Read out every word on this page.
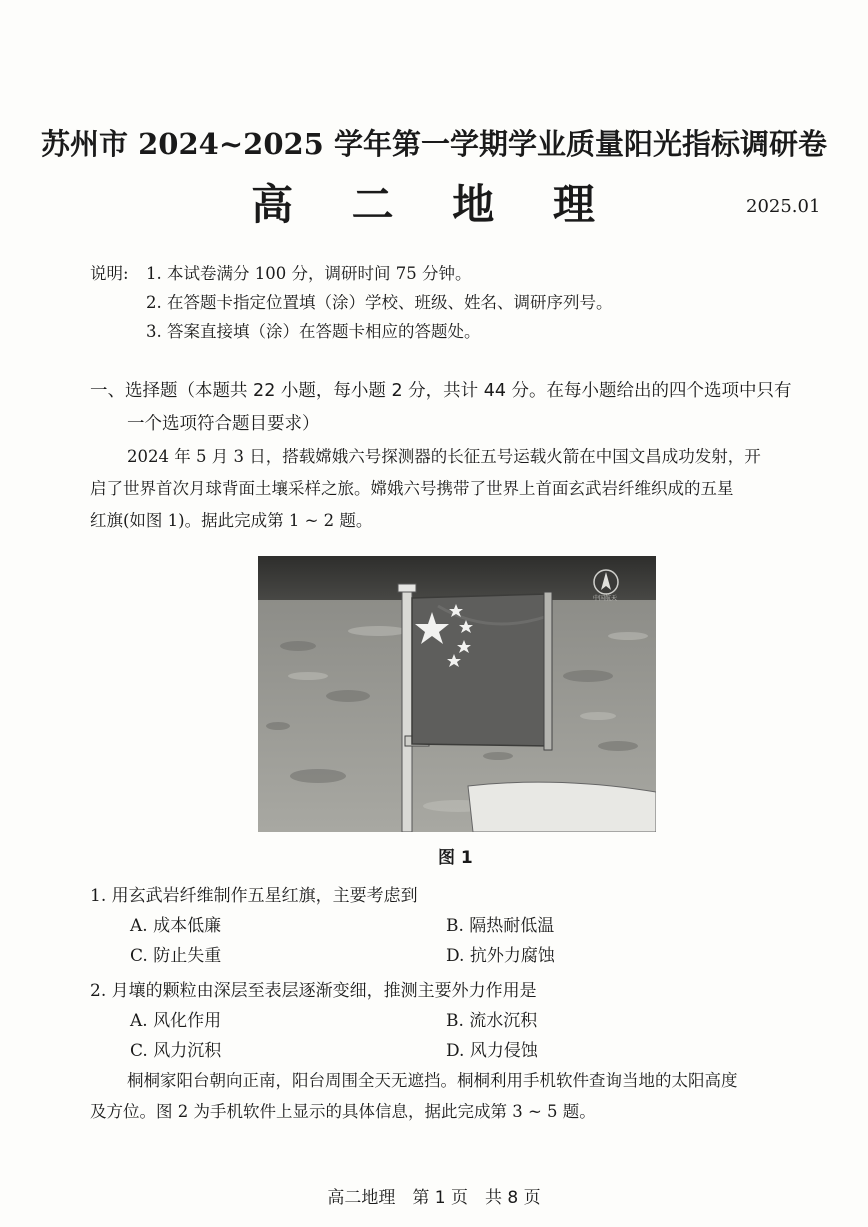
苏州市 2024~2025 学年第一学期学业质量阳光指标调研卷
高 二 地 理	2025.01
说明: 1. 本试卷满分 100 分，调研时间 75 分钟。
2. 在答题卡指定位置填（涂）学校、班级、姓名、调研序列号。
3. 答案直接填（涂）在答题卡相应的答题处。
一、选择题（本题共 22 小题，每小题 2 分，共计 44 分。在每小题给出的四个选项中只有
一个选项符合题目要求）
2024 年 5 月 3 日，搭载嫦娥六号探测器的长征五号运载火箭在中国文昌成功发射，开
启了世界首次月球背面土壤采样之旅。嫦娥六号携带了世界上首面玄武岩纤维织成的五星
红旗(如图 1)。据此完成第 1 ~ 2 题。
中国航天
图 1
1. 用玄武岩纤维制作五星红旗，主要考虑到
A. 成本低廉	B. 隔热耐低温
C. 防止失重	D. 抗外力腐蚀
2. 月壤的颗粒由深层至表层逐渐变细，推测主要外力作用是
A. 风化作用	B. 流水沉积
C. 风力沉积	D. 风力侵蚀
桐桐家阳台朝向正南，阳台周围全天无遮挡。桐桐利用手机软件查询当地的太阳高度
及方位。图 2 为手机软件上显示的具体信息，据此完成第 3 ~ 5 题。
高二地理　第 1 页　共 8 页
